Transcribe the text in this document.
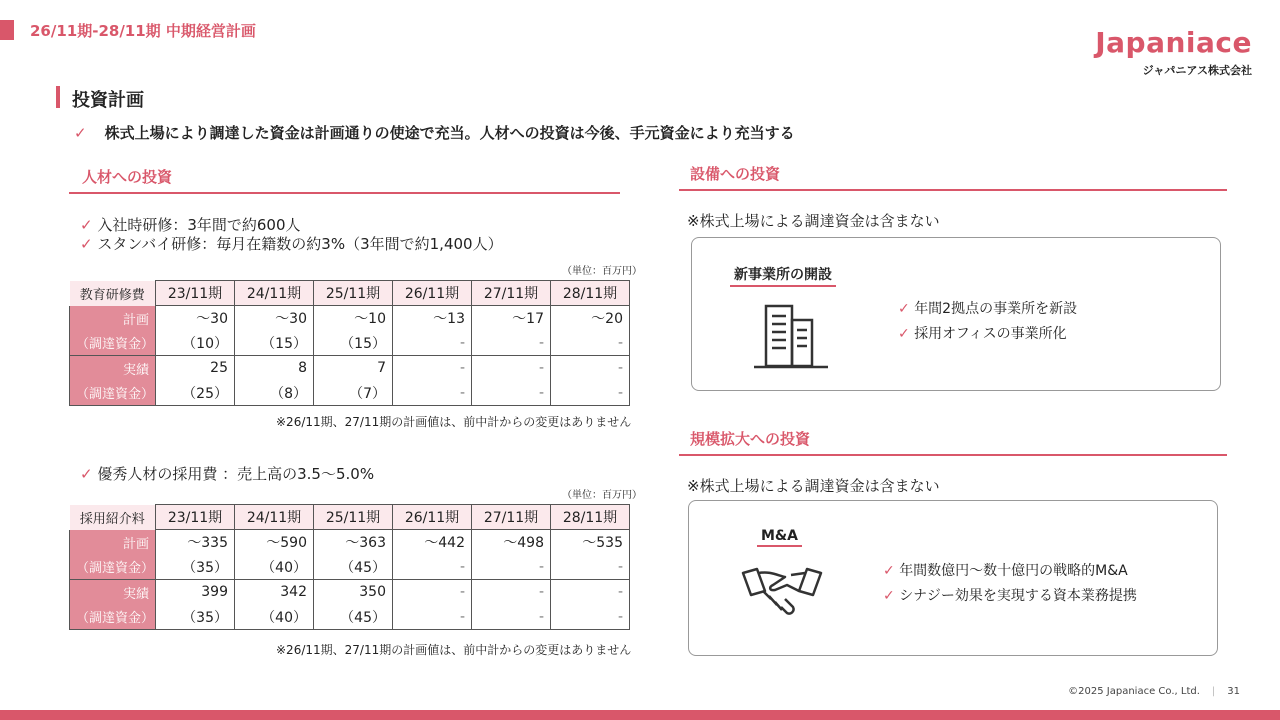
26/11期-28/11期 中期経営計画	Japaniace
ジャパニアス株式会社
投資計画
✓ 株式上場により調達した資金は計画通りの使途で充当。人材への投資は今後、手元資金により充当する
人材への投資
✓ 入社時研修：3年間で約600人
✓ スタンバイ研修：毎月在籍数の約3%（3年間で約1,400人）
（単位：百万円）
教育研修費	23/11期	24/11期	25/11期	26/11期	27/11期	28/11期
計画	～30	～30	～10	～13	～17	～20
（調達資金）	（10）	（15）	（15）	-	-	-
実績	25	8	7	-	-	-
（調達資金）	（25）	（8）	（7）	-	-	-
※26/11期、27/11期の計画値は、前中計からの変更はありません
✓ 優秀人材の採用費 ：売上高の3.5～5.0%
（単位：百万円）
採用紹介料	23/11期	24/11期	25/11期	26/11期	27/11期	28/11期
計画	～335	～590	～363	～442	～498	～535
（調達資金）	（35）	（40）	（45）	-	-	-
実績	399	342	350	-	-	-
（調達資金）	（35）	（40）	（45）	-	-	-
※26/11期、27/11期の計画値は、前中計からの変更はありません
設備への投資
※株式上場による調達資金は含まない
新事業所の開設
✓ 年間2拠点の事業所を新設
✓ 採用オフィスの事業所化
規模拡大への投資
※株式上場による調達資金は含まない
M&A
✓ 年間数億円～数十億円の戦略的M&A
✓ シナジー効果を実現する資本業務提携
©2025 Japaniace Co., Ltd. | 31
